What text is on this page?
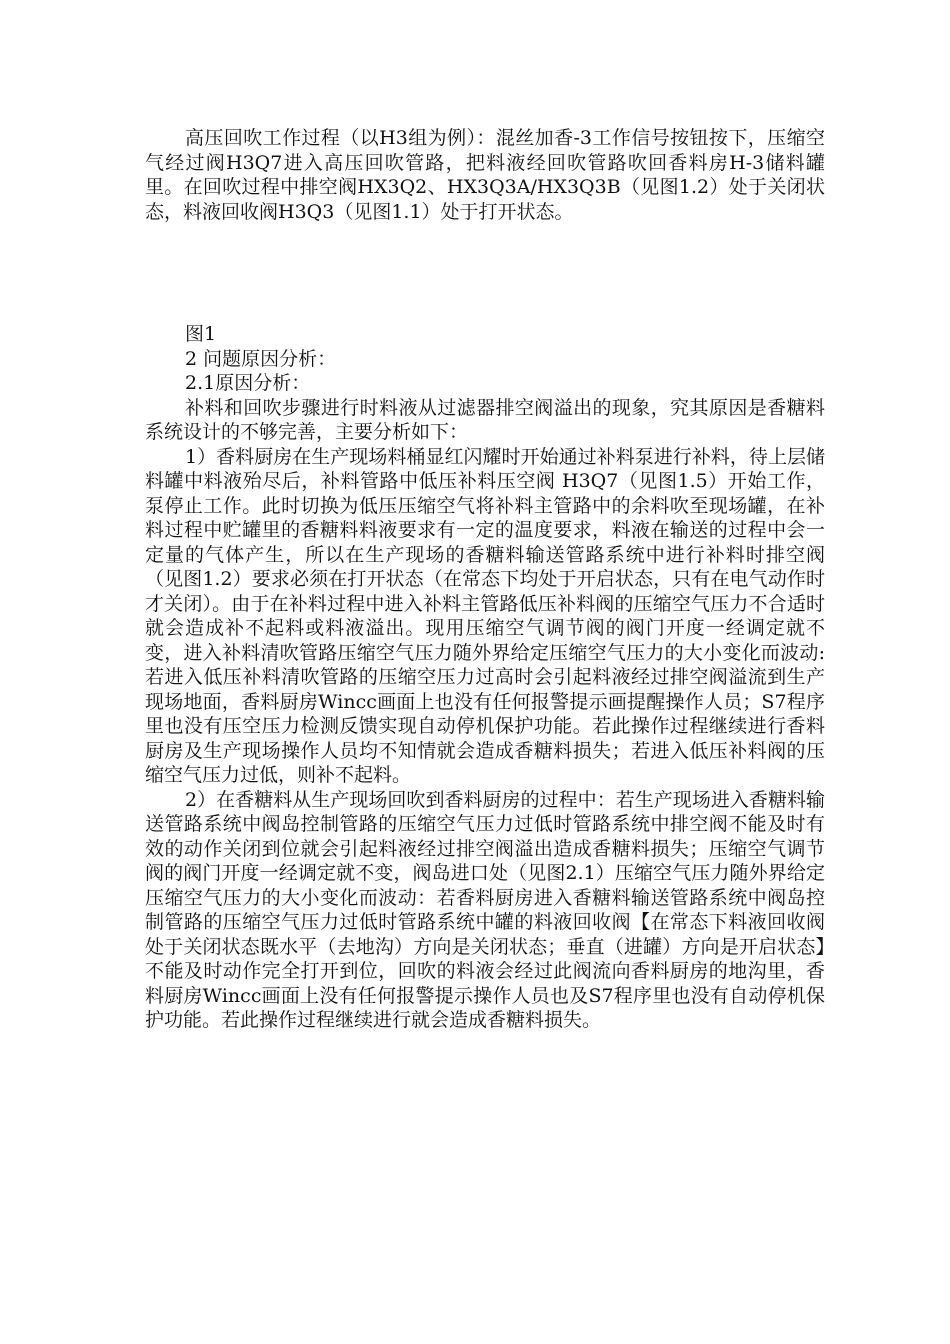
高压回吹工作过程（以H3组为例）：混丝加香-3工作信号按钮按下，压缩空气经过阀H3Q7进入高压回吹管路，把料液经回吹管路吹回香料房H-3储料罐里。在回吹过程中排空阀HX3Q2、HX3Q3A/HX3Q3B（见图1.2）处于关闭状态，料液回收阀H3Q3（见图1.1）处于打开状态。

图1

2 问题原因分析：

2.1原因分析：

补料和回吹步骤进行时料液从过滤器排空阀溢出的现象，究其原因是香糖料系统设计的不够完善，主要分析如下：

1）香料厨房在生产现场料桶显红闪耀时开始通过补料泵进行补料，待上层储料罐中料液殆尽后，补料管路中低压补料压空阀 H3Q7（见图1.5）开始工作，泵停止工作。此时切换为低压压缩空气将补料主管路中的余料吹至现场罐，在补料过程中贮罐里的香糖料料液要求有一定的温度要求，料液在输送的过程中会一定量的气体产生，所以在生产现场的香糖料输送管路系统中进行补料时排空阀（见图1.2）要求必须在打开状态（在常态下均处于开启状态，只有在电气动作时才关闭）。由于在补料过程中进入补料主管路低压补料阀的压缩空气压力不合适时就会造成补不起料或料液溢出。现用压缩空气调节阀的阀门开度一经调定就不变，进入补料清吹管路压缩空气压力随外界给定压缩空气压力的大小变化而波动:若进入低压补料清吹管路的压缩空压力过高时会引起料液经过排空阀溢流到生产现场地面，香料厨房Wincc画面上也没有任何报警提示画提醒操作人员；S7程序里也没有压空压力检测反馈实现自动停机保护功能。若此操作过程继续进行香料厨房及生产现场操作人员均不知情就会造成香糖料损失；若进入低压补料阀的压缩空气压力过低，则补不起料。

2）在香糖料从生产现场回吹到香料厨房的过程中：若生产现场进入香糖料输送管路系统中阀岛控制管路的压缩空气压力过低时管路系统中排空阀不能及时有效的动作关闭到位就会引起料液经过排空阀溢出造成香糖料损失；压缩空气调节阀的阀门开度一经调定就不变，阀岛进口处（见图2.1）压缩空气压力随外界给定压缩空气压力的大小变化而波动：若香料厨房进入香糖料输送管路系统中阀岛控制管路的压缩空气压力过低时管路系统中罐的料液回收阀【在常态下料液回收阀处于关闭状态既水平（去地沟）方向是关闭状态；垂直（进罐）方向是开启状态】不能及时动作完全打开到位，回吹的料液会经过此阀流向香料厨房的地沟里，香料厨房Wincc画面上没有任何报警提示操作人员也及S7程序里也没有自动停机保护功能。若此操作过程继续进行就会造成香糖料损失。
